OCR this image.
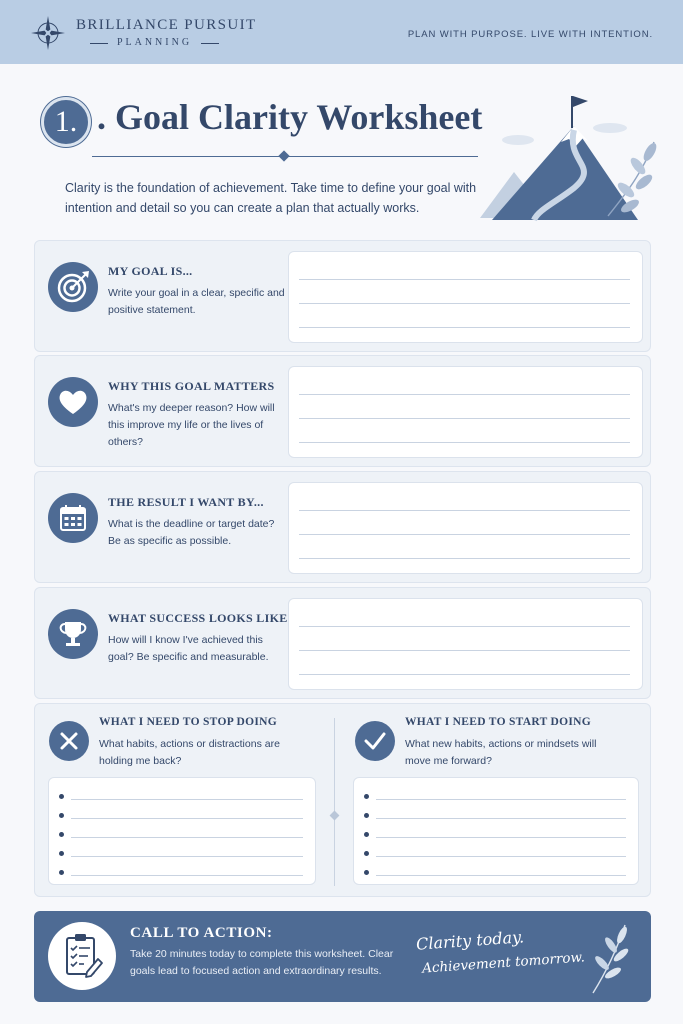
BRILLIANCE PURSUIT
PLANNING
PLAN WITH PURPOSE. LIVE WITH INTENTION.
1. . Goal Clarity Worksheet
Clarity is the foundation of achievement. Take time to define your goal with intention and detail so you can create a plan that actually works.
MY GOAL IS...
Write your goal in a clear, specific and positive statement.
WHY THIS GOAL MATTERS
What's my deeper reason? How will this improve my life or the lives of others?
THE RESULT I WANT BY...
What is the deadline or target date? Be as specific as possible.
WHAT SUCCESS LOOKS LIKE
How will I know I've achieved this goal? Be specific and measurable.
WHAT I NEED TO STOP DOING
What habits, actions or distractions are holding me back?
WHAT I NEED TO START DOING
What new habits, actions or mindsets will move me forward?
CALL TO ACTION:
Take 20 minutes today to complete this worksheet. Clear goals lead to focused action and extraordinary results.
Clarity today.
Achievement tomorrow.
